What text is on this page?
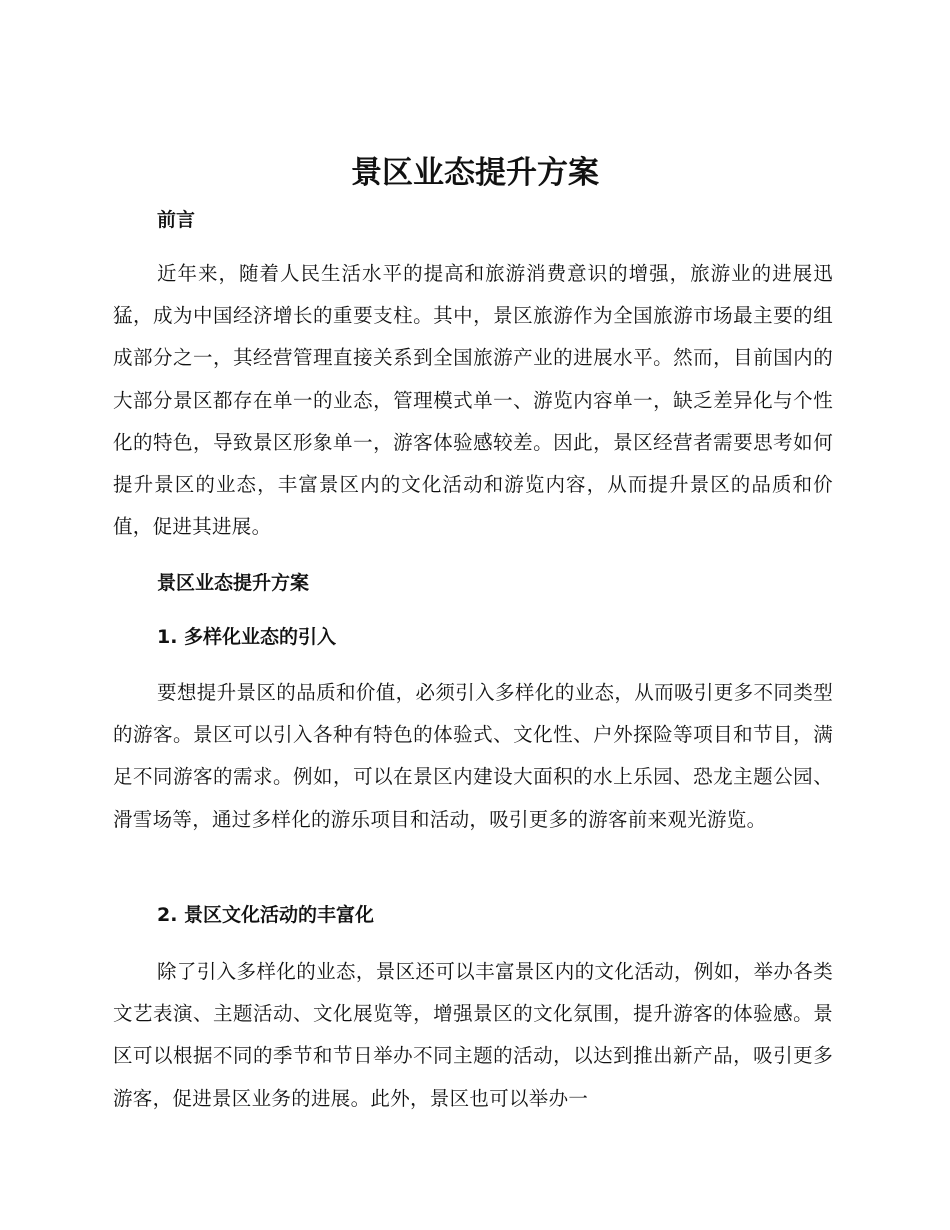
景区业态提升方案
前言

近年来，随着人民生活水平的提高和旅游消费意识的增强，旅游业的进展迅猛，成为中国经济增长的重要支柱。其中，景区旅游作为全国旅游市场最主要的组成部分之一，其经营管理直接关系到全国旅游产业的进展水平。然而，目前国内的大部分景区都存在单一的业态，管理模式单一、游览内容单一，缺乏差异化与个性化的特色，导致景区形象单一，游客体验感较差。因此，景区经营者需要思考如何提升景区的业态，丰富景区内的文化活动和游览内容，从而提升景区的品质和价值，促进其进展。

景区业态提升方案
1. 多样化业态的引入

要想提升景区的品质和价值，必须引入多样化的业态，从而吸引更多不同类型的游客。景区可以引入各种有特色的体验式、文化性、户外探险等项目和节目，满足不同游客的需求。例如，可以在景区内建设大面积的水上乐园、恐龙主题公园、滑雪场等，通过多样化的游乐项目和活动，吸引更多的游客前来观光游览。

2. 景区文化活动的丰富化

除了引入多样化的业态，景区还可以丰富景区内的文化活动，例如，举办各类文艺表演、主题活动、文化展览等，增强景区的文化氛围，提升游客的体验感。景区可以根据不同的季节和节日举办不同主题的活动，以达到推出新产品，吸引更多游客，促进景区业务的进展。此外，景区也可以举办一
